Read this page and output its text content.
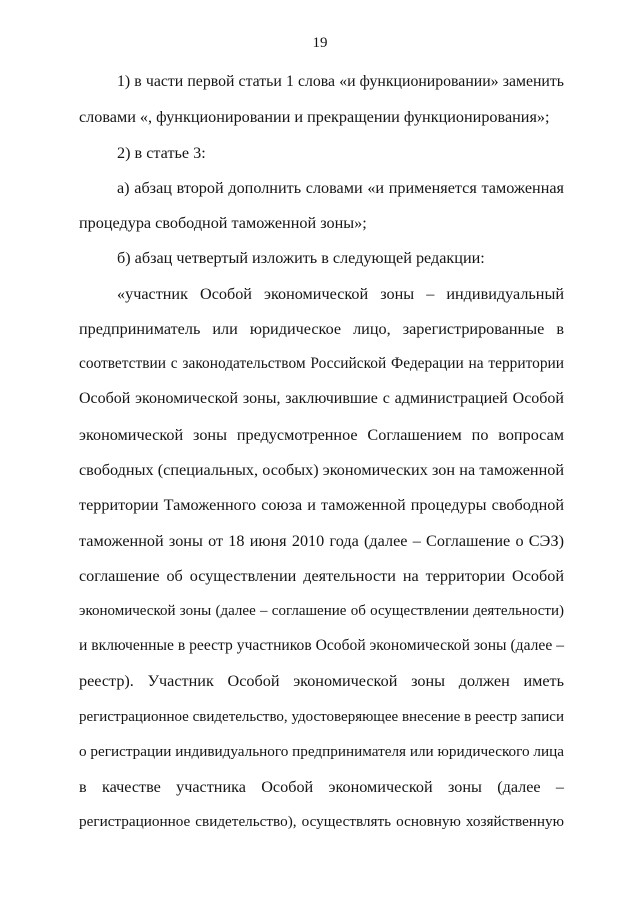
19
1) в части первой статьи 1 слова «и функционировании» заменить
словами «, функционировании и прекращении функционирования»;
2) в статье 3:
а) абзац второй дополнить словами «и применяется таможенная
процедура свободной таможенной зоны»;
б) абзац четвертый изложить в следующей редакции:
«участник Особой экономической зоны – индивидуальный
предприниматель или юридическое лицо, зарегистрированные в
соответствии с законодательством Российской Федерации на территории
Особой экономической зоны, заключившие с администрацией Особой
экономической зоны предусмотренное Соглашением по вопросам
свободных (специальных, особых) экономических зон на таможенной
территории Таможенного союза и таможенной процедуры свободной
таможенной зоны от 18 июня 2010 года (далее – Соглашение о СЭЗ)
соглашение об осуществлении деятельности на территории Особой
экономической зоны (далее – соглашение об осуществлении деятельности)
и включенные в реестр участников Особой экономической зоны (далее –
реестр). Участник Особой экономической зоны должен иметь
регистрационное свидетельство, удостоверяющее внесение в реестр записи
о регистрации индивидуального предпринимателя или юридического лица
в качестве участника Особой экономической зоны (далее –
регистрационное свидетельство), осуществлять основную хозяйственную
